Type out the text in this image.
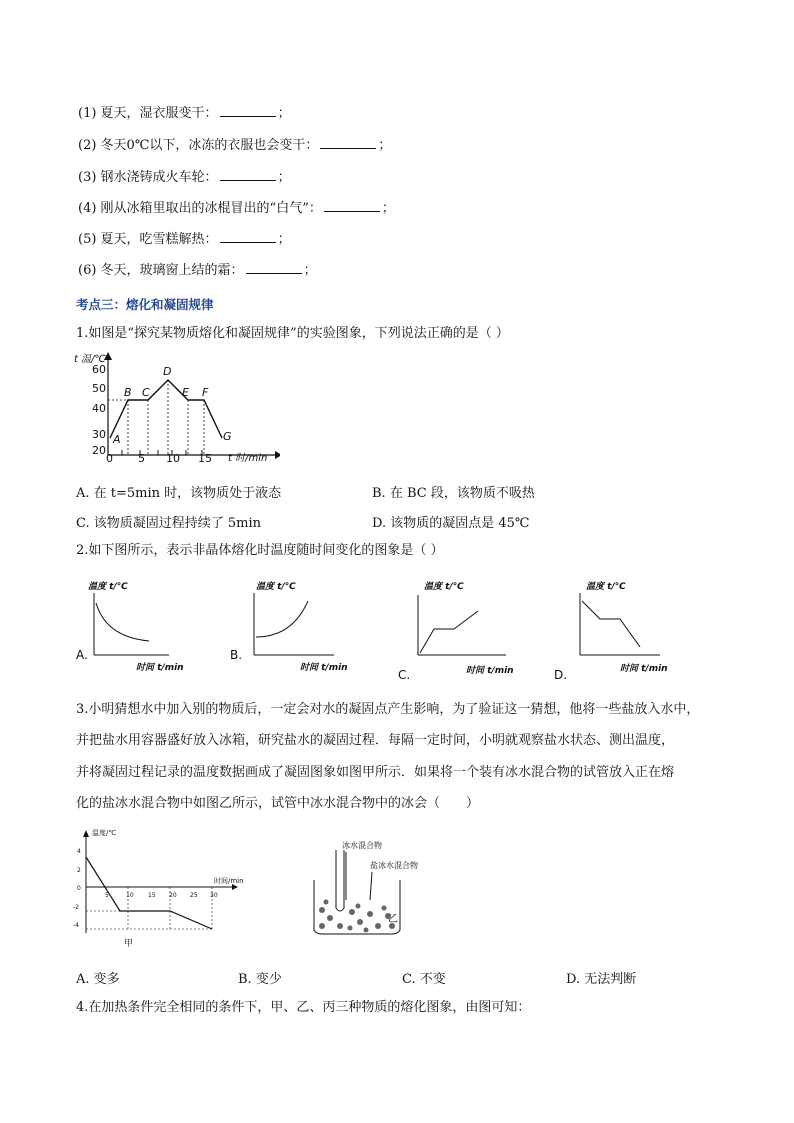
(1) 夏天，湿衣服变干：	；
(2) 冬天0℃以下，冰冻的衣服也会变干：	；
(3) 钢水浇铸成火车轮：	；
(4) 刚从冰箱里取出的冰棍冒出的“白气”：	；
(5) 夏天，吃雪糕解热：	；
(6) 冬天，玻璃窗上结的霜：	；
考点三：熔化和凝固规律
1.如图是“探究某物质熔化和凝固规律”的实验图象，下列说法正确的是（ ）
t 温/℃
t 时/min
20
30
40
50
60
0 5 10 15
A
B C
D
E F
G
A. 在 t=5min 时，该物质处于液态	B. 在 BC 段，该物质不吸热
C. 该物质凝固过程持续了 5min	D. 该物质的凝固点是 45℃
2.如下图所示，表示非晶体熔化时温度随时间变化的图象是（ ）
A.
温度 t/℃
时间 t/min
B.
温度 t/℃
时间 t/min	C.
温度 t/℃
时间 t/min	D.
温度 t/℃
时间 t/min
3.小明猜想水中加入别的物质后，一定会对水的凝固点产生影响，为了验证这一猜想，他将一些盐放入水中，
并把盐水用容器盛好放入冰箱，研究盐水的凝固过程．每隔一定时间，小明就观察盐水状态、测出温度，
并将凝固过程记录的温度数据画成了凝固图象如图甲所示．如果将一个装有冰水混合物的试管放入正在熔
化的盐冰水混合物中如图乙所示，试管中冰水混合物中的冰会（　　）
温度/℃
时间/min
4
2
0
-2
-4
5	10 15 20 25 30
甲
冰水混合物
盐冰水混合物
乙
A. 变多	B. 变少	C. 不变	D. 无法判断
4.在加热条件完全相同的条件下，甲、乙、丙三种物质的熔化图象，由图可知：
